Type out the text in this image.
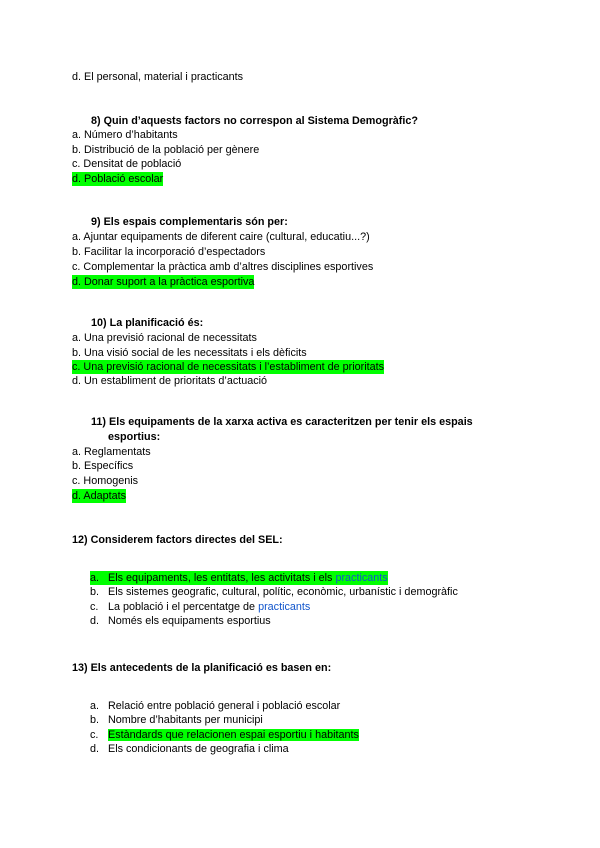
d. El personal, material i practicants
8) Quin d’aquests factors no correspon al Sistema Demogràfic?
a. Número d’habitants
b. Distribució de la població per gènere
c. Densitat de població
d. Població escolar
9) Els espais complementaris són per:
a. Ajuntar equipaments de diferent caire (cultural, educatiu...?)
b. Facilitar la incorporació d’espectadors
c. Complementar la pràctica amb d’altres disciplines esportives
d. Donar suport a la pràctica esportiva
10) La planificació és:
a. Una previsió racional de necessitats
b. Una visió social de les necessitats i els dèficits
c. Una previsió racional de necessitats i l’establiment de prioritats
d. Un establiment de prioritats d’actuació
11) Els equipaments de la xarxa activa es caracteritzen per tenir els espais
esportius:
a. Reglamentats
b. Específics
c. Homogenis
d. Adaptats
12) Considerem factors directes del SEL:
a. Els equipaments, les entitats, les activitats i els practicants
b. Els sistemes geografic, cultural, polític, econòmic, urbanístic i demogràfic
c. La població i el percentatge de practicants
d. Només els equipaments esportius
13) Els antecedents de la planificació es basen en:
a. Relació entre població general i població escolar
b. Nombre d’habitants per municipi
c. Estàndards que relacionen espai esportiu i habitants
d. Els condicionants de geografia i clima
